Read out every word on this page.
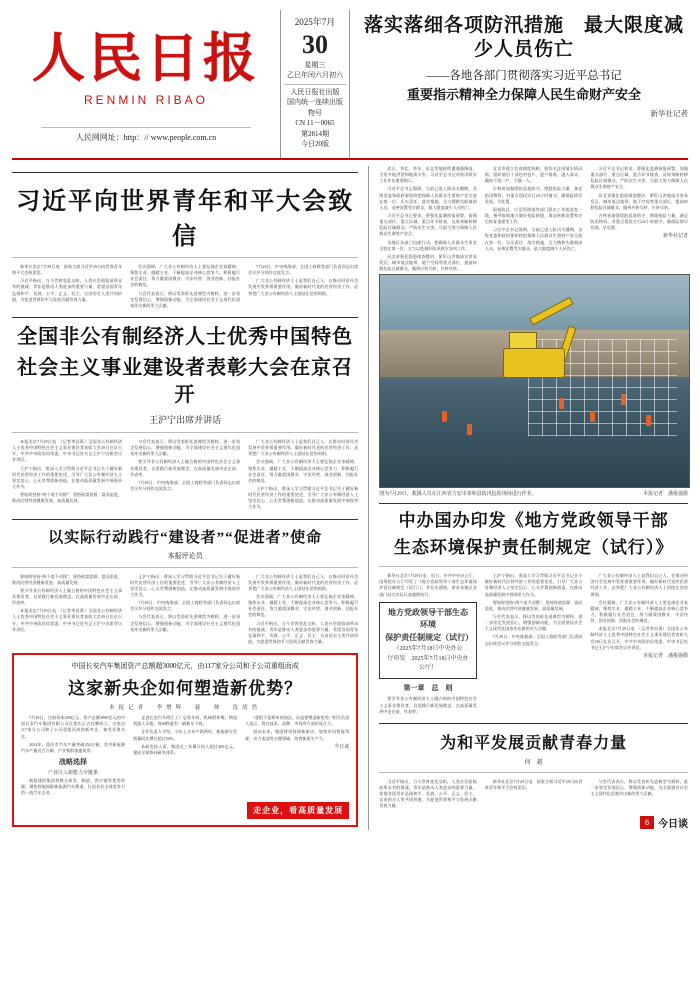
人民日报
RENMIN RIBAO
人民网网址：http：// www.people.com.cn
2025年7月
30
星期三
乙巳年闰六月初六
人民日报社出版
国内统一连续出版物号
CN 11－0065
第2814期
今日20版
落实落细各项防汛措施　最大限度减少人员伤亡
——各地各部门贯彻落实习近平总书记
重要指示精神全力保障人民生命财产安全
新华社记者
习近平向世界青年和平大会致信

新华社北京7月29日电　国家主席习近平29日向世界青年和平大会致贺信。

习近平指出，当今世界变乱交织，人类社会面临前所未有的挑战。青年是推动人类进步的重要力量，希望各国青年弘扬和平、发展、公平、正义、民主、自由的全人类共同价值，为促进世界和平与发展贡献青春力量。

会议强调，广大非公有制经济人士要弘扬企业家精神，聚焦实业、做精主业，不断提高企业核心竞争力，积极履行社会责任，努力做爱国敬业、守法经营、创业创新、回报社会的典范。

与会代表表示，将以受表彰先进典型为榜样，进一步坚定发展信心，增强创新动能，为全面建设社会主义现代化国家作出新的更大贡献。

7月29日，中央统战部、全国工商联等部门负责同志出席会议并分别作交流发言。

广大非公有制经济人士是我们自己人，在推动经济社会发展中发挥着重要作用。做好新时代党的民营经济工作，必须把广大非公有制经济人士团结在党的周围。

全国非公有制经济人士优秀中国特色
社会主义事业建设者表彰大会在京召开
王沪宁出席并讲话

本报北京7月29日电　（记者李昌禹）全国非公有制经济人士优秀中国特色社会主义事业建设者表彰大会29日在京召开。中共中央政治局常委、中央书记处书记王沪宁出席会议并讲话。

王沪宁指出，要深入学习贯彻习近平总书记关于做好新时代民营经济工作的重要论述，引导广大非公有制经济人士坚定信心、心无旁骛创新创造，在推动高质量发展中展现更大作为。

要始终坚持“两个毫不动摇”，坚持致富思源、富而思进，推动民营经济健康发展、高质量发展。

与会代表表示，将以受表彰先进典型为榜样，进一步坚定发展信心，增强创新动能，为全面建设社会主义现代化国家作出新的更大贡献。

要引导非公有制经济人士做合格的中国特色社会主义事业建设者，自觉践行新发展理念，在高质量发展中走在前、作表率。

7月29日，中央统战部、全国工商联等部门负责同志出席会议并分别作交流发言。

广大非公有制经济人士是我们自己人，在推动经济社会发展中发挥着重要作用。做好新时代党的民营经济工作，必须把广大非公有制经济人士团结在党的周围。

会议强调，广大非公有制经济人士要弘扬企业家精神，聚焦实业、做精主业，不断提高企业核心竞争力，积极履行社会责任，努力做爱国敬业、守法经营、创业创新、回报社会的典范。

王沪宁指出，要深入学习贯彻习近平总书记关于做好新时代民营经济工作的重要论述，引导广大非公有制经济人士坚定信心、心无旁骛创新创造，在推动高质量发展中展现更大作为。

以实际行动践行“建设者”“促进者”使命
本报评论员

要始终坚持“两个毫不动摇”，坚持致富思源、富而思进，推动民营经济健康发展、高质量发展。

要引导非公有制经济人士做合格的中国特色社会主义事业建设者，自觉践行新发展理念，在高质量发展中走在前、作表率。

本报北京7月29日电　（记者李昌禹）全国非公有制经济人士优秀中国特色社会主义事业建设者表彰大会29日在京召开。中共中央政治局常委、中央书记处书记王沪宁出席会议并讲话。

王沪宁指出，要深入学习贯彻习近平总书记关于做好新时代民营经济工作的重要论述，引导广大非公有制经济人士坚定信心、心无旁骛创新创造，在推动高质量发展中展现更大作为。

7月29日，中央统战部、全国工商联等部门负责同志出席会议并分别作交流发言。

与会代表表示，将以受表彰先进典型为榜样，进一步坚定发展信心，增强创新动能，为全面建设社会主义现代化国家作出新的更大贡献。

广大非公有制经济人士是我们自己人，在推动经济社会发展中发挥着重要作用。做好新时代党的民营经济工作，必须把广大非公有制经济人士团结在党的周围。

会议强调，广大非公有制经济人士要弘扬企业家精神，聚焦实业、做精主业，不断提高企业核心竞争力，积极履行社会责任，努力做爱国敬业、守法经营、创业创新、回报社会的典范。

习近平指出，当今世界变乱交织，人类社会面临前所未有的挑战。青年是推动人类进步的重要力量，希望各国青年弘扬和平、发展、公平、正义、民主、自由的全人类共同价值，为促进世界和平与发展贡献青春力量。

中国长安汽车集团资产总额超3000亿元，由117家分公司和子公司重组而成
这家新央企如何塑造新优势？
本报记者　李增辉　聂　帅　沈靖然

7月29日，注册资本200亿元、资产总额3000亿元的中国长安汽车集团有限公司在重庆正式挂牌成立。这家由117家分公司和子公司重组而成的新央企，备受业界关注。

2024年，重庆市汽车产量突破254万辆，其中新能源汽车产量近百万辆，产业集群加速成形。

战略选择
产业注入新能力全链条

新组建的集团将整合研发、制造、供应链等优势资源，聚焦智能网联新能源汽车赛道，打造具有全球竞争力的一流汽车企业。

走进长安汽车两江工厂总装车间，机械臂挥舞，物流机器人穿梭，每60秒就有一辆新车下线。

企业负责人介绍，今年上半年产销两旺，新能源车型销量同比增长超过50%。

从研发投入看，集团近三年累计投入超过400亿元，建成全球协同研发体系。

“重组不是简单的加法，而是要塑造新优势。”相关负责人表示，将在技术、品牌、市场等方面形成合力。

面向未来，集团将坚持创新驱动，加快布局智能驾驶、动力电池等关键领域，培育新质生产力。

今日谈
走企业，看高质量发展

近日，华北、华东、东北等地持续遭遇强降雨，引发多地洪涝和地质灾害。习近平总书记对防汛救灾工作作出重要指示。

习近平总书记强调，当前已进入防汛关键期，各级党委和政府要始终把保障人民群众生命财产安全放在第一位，压实责任、落实措施，全力搜救失联被困人员，妥善安置受灾群众，最大限度减少人员伤亡。

习近平总书记要求，要强化监测预报预警，加强重点部位、重点区域、重点环节排查，及时果断转移危险区域群众，严防次生灾害，尽最大努力保障人民群众生命财产安全。

各地区各部门迅速行动，把确保人民群众生命安全放在第一位，全力以赴做好防汛救灾各项工作。

河北省强化隐患排查整治，紧盯山洪地质灾害易发区、城市低洼地带、地下空间等重点部位，提前转移危险区域群众，做到应转尽转、应转早转。

北京市建立会商调度机制，密切关注雨情水情汛情，组织基层干部包村包片，逐户排查、逐人落实，确保不落一户、不漏一人。

吉林省加强堤防巡查防守，增派抢险力量，备足防汛物资，对重点堤段实行24小时值守，确保险情早发现、早处置。

国家防总、应急管理部等部门派出工作组赶赴一线，指导协助地方做好抢险救援、群众转移安置和灾后恢复重建等工作。

习近平总书记强调，当前已进入防汛关键期，各级党委和政府要始终把保障人民群众生命财产安全放在第一位，压实责任、落实措施，全力搜救失联被困人员，妥善安置受灾群众，最大限度减少人员伤亡。

习近平总书记要求，要强化监测预报预警，加强重点部位、重点区域、重点环节排查，及时果断转移危险区域群众，严防次生灾害，尽最大努力保障人民群众生命财产安全。

河北省强化隐患排查整治，紧盯山洪地质灾害易发区、城市低洼地带、地下空间等重点部位，提前转移危险区域群众，做到应转尽转、应转早转。

吉林省加强堤防巡查防守，增派抢险力量，备足防汛物资，对重点堤段实行24小时值守，确保险情早发现、早处置。

新华社记者
图为7月29日，救援人员在江西省吉安市泰和县防汛抢险现场进行作业。	本报记者　潘俊强摄
中办国办印发《地方党政领导干部
生态环境保护责任制规定（试行）》

新华社北京7月29日电　近日，中共中央办公厅、国务院办公厅印发了《地方党政领导干部生态环境保护责任制规定（试行）》，并发出通知，要求各地区各部门结合实际认真遵照执行。

地方党政领导干部生态环境
保护责任制规定（试行）
（2025年7月18日中央办公
厅印发　2025年7月18日中央办公厅）
第一章　总　则

要引导非公有制经济人士做合格的中国特色社会主义事业建设者，自觉践行新发展理念，在高质量发展中走在前、作表率。

王沪宁指出，要深入学习贯彻习近平总书记关于做好新时代民营经济工作的重要论述，引导广大非公有制经济人士坚定信心、心无旁骛创新创造，在推动高质量发展中展现更大作为。

要始终坚持“两个毫不动摇”，坚持致富思源、富而思进，推动民营经济健康发展、高质量发展。

与会代表表示，将以受表彰先进典型为榜样，进一步坚定发展信心，增强创新动能，为全面建设社会主义现代化国家作出新的更大贡献。

7月29日，中央统战部、全国工商联等部门负责同志出席会议并分别作交流发言。

广大非公有制经济人士是我们自己人，在推动经济社会发展中发挥着重要作用。做好新时代党的民营经济工作，必须把广大非公有制经济人士团结在党的周围。

会议强调，广大非公有制经济人士要弘扬企业家精神，聚焦实业、做精主业，不断提高企业核心竞争力，积极履行社会责任，努力做爱国敬业、守法经营、创业创新、回报社会的典范。

本报北京7月29日电　（记者李昌禹）全国非公有制经济人士优秀中国特色社会主义事业建设者表彰大会29日在京召开。中共中央政治局常委、中央书记处书记王沪宁出席会议并讲话。

本报记者　潘俊强摄
为和平发展贡献青春力量
何　越

习近平指出，当今世界变乱交织，人类社会面临前所未有的挑战。青年是推动人类进步的重要力量，希望各国青年弘扬和平、发展、公平、正义、民主、自由的全人类共同价值，为促进世界和平与发展贡献青春力量。

新华社北京7月29日电　国家主席习近平29日向世界青年和平大会致贺信。

与会代表表示，将以受表彰先进典型为榜样，进一步坚定发展信心，增强创新动能，为全面建设社会主义现代化国家作出新的更大贡献。

8 今日谈
